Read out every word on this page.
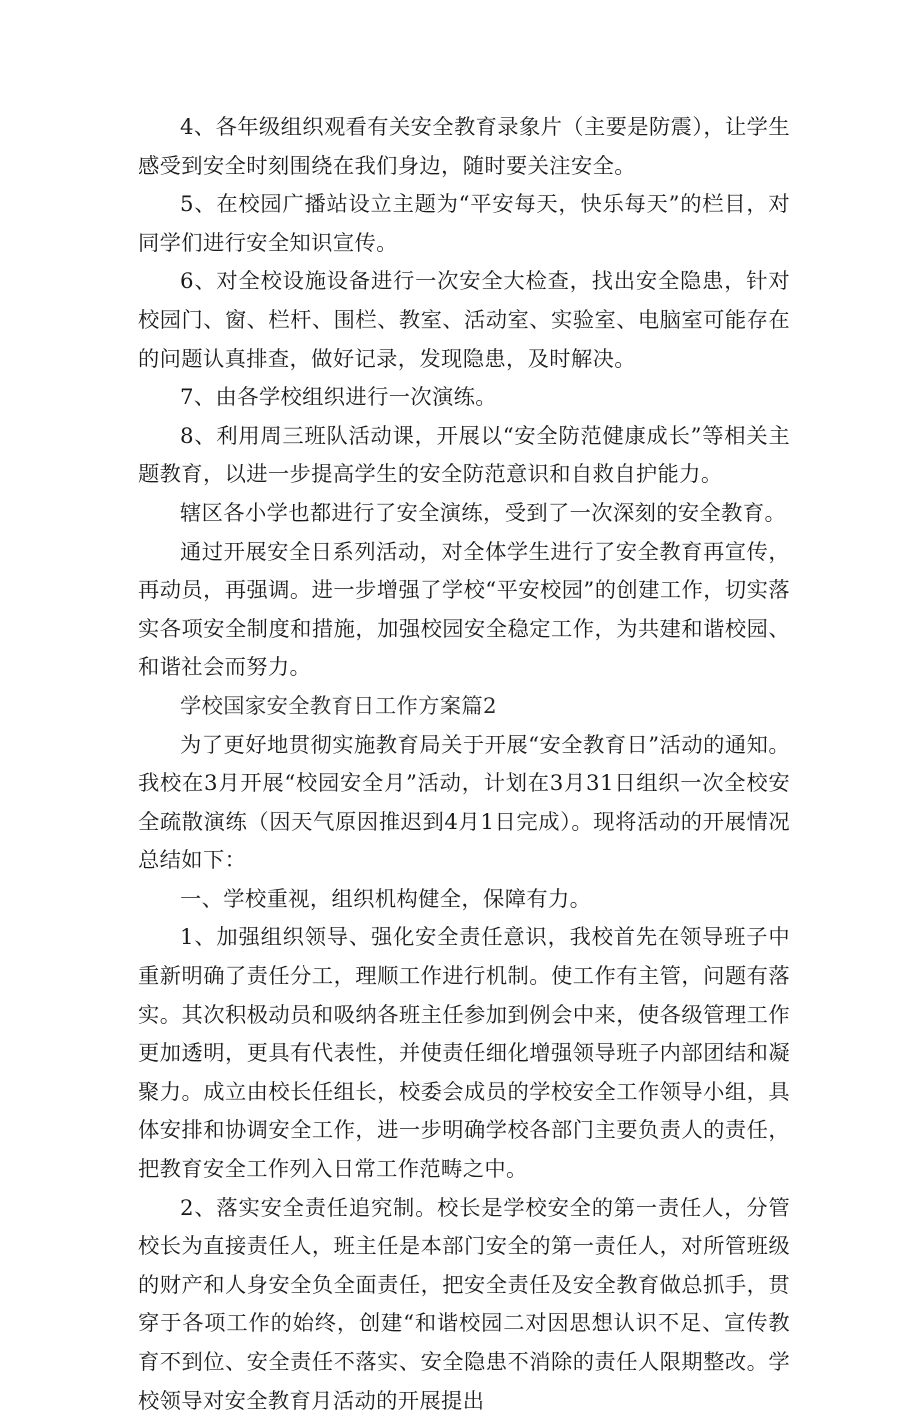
4、各年级组织观看有关安全教育录象片（主要是防震），让学生感受到安全时刻围绕在我们身边，随时要关注安全。

5、在校园广播站设立主题为“平安每天，快乐每天”的栏目，对同学们进行安全知识宣传。

6、对全校设施设备进行一次安全大检查，找出安全隐患，针对校园门、窗、栏杆、围栏、教室、活动室、实验室、电脑室可能存在的问题认真排查，做好记录，发现隐患，及时解决。

7、由各学校组织进行一次演练。

8、利用周三班队活动课，开展以“安全防范健康成长”等相关主题教育，以进一步提高学生的安全防范意识和自救自护能力。

辖区各小学也都进行了安全演练，受到了一次深刻的安全教育。

通过开展安全日系列活动，对全体学生进行了安全教育再宣传，再动员，再强调。进一步增强了学校“平安校园”的创建工作，切实落实各项安全制度和措施，加强校园安全稳定工作，为共建和谐校园、和谐社会而努力。

学校国家安全教育日工作方案篇2

为了更好地贯彻实施教育局关于开展“安全教育日”活动的通知。我校在3月开展“校园安全月”活动，计划在3月31日组织一次全校安全疏散演练（因天气原因推迟到4月1日完成）。现将活动的开展情况总结如下：

一、学校重视，组织机构健全，保障有力。

1、加强组织领导、强化安全责任意识，我校首先在领导班子中重新明确了责任分工，理顺工作进行机制。使工作有主管，问题有落实。其次积极动员和吸纳各班主任参加到例会中来，使各级管理工作更加透明，更具有代表性，并使责任细化增强领导班子内部团结和凝聚力。成立由校长任组长，校委会成员的学校安全工作领导小组，具体安排和协调安全工作，进一步明确学校各部门主要负责人的责任，把教育安全工作列入日常工作范畴之中。

2、落实安全责任追究制。校长是学校安全的第一责任人，分管校长为直接责任人，班主任是本部门安全的第一责任人，对所管班级的财产和人身安全负全面责任，把安全责任及安全教育做总抓手，贯穿于各项工作的始终，创建“和谐校园二对因思想认识不足、宣传教育不到位、安全责任不落实、安全隐患不消除的责任人限期整改。学校领导对安全教育月活动的开展提出
